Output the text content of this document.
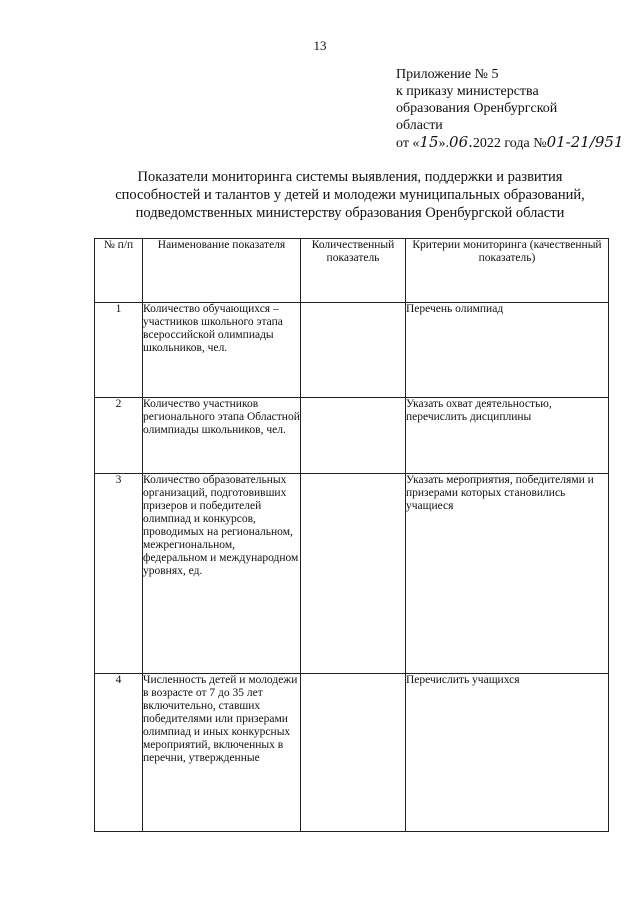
13
Приложение № 5
к приказу министерства
образования Оренбургской
области
от «15».06.2022 года №01-21/951
Показатели мониторинга системы выявления, поддержки и развития
способностей и талантов у детей и молодежи муниципальных образований,
подведомственных министерству образования Оренбургской области
№ п/п	Наименование показателя	Количественный показатель	Критерии мониторинга (качественный показатель)
1	Количество обучающихся – участников школьного этапа всероссийской олимпиады школьников, чел.		Перечень олимпиад
2	Количество участников регионального этапа Областной олимпиады школьников, чел.		Указать охват деятельностью, перечислить дисциплины
3	Количество образовательных организаций, подготовивших призеров и победителей олимпиад и конкурсов, проводимых на региональном, межрегиональном, федеральном и международном уровнях, ед.		Указать мероприятия, победителями и призерами которых становились учащиеся
4	Численность детей и молодежи в возрасте от 7 до 35 лет включительно, ставших победителями или призерами олимпиад и иных конкурсных мероприятий, включенных в перечни, утвержденные		Перечислить учащихся
